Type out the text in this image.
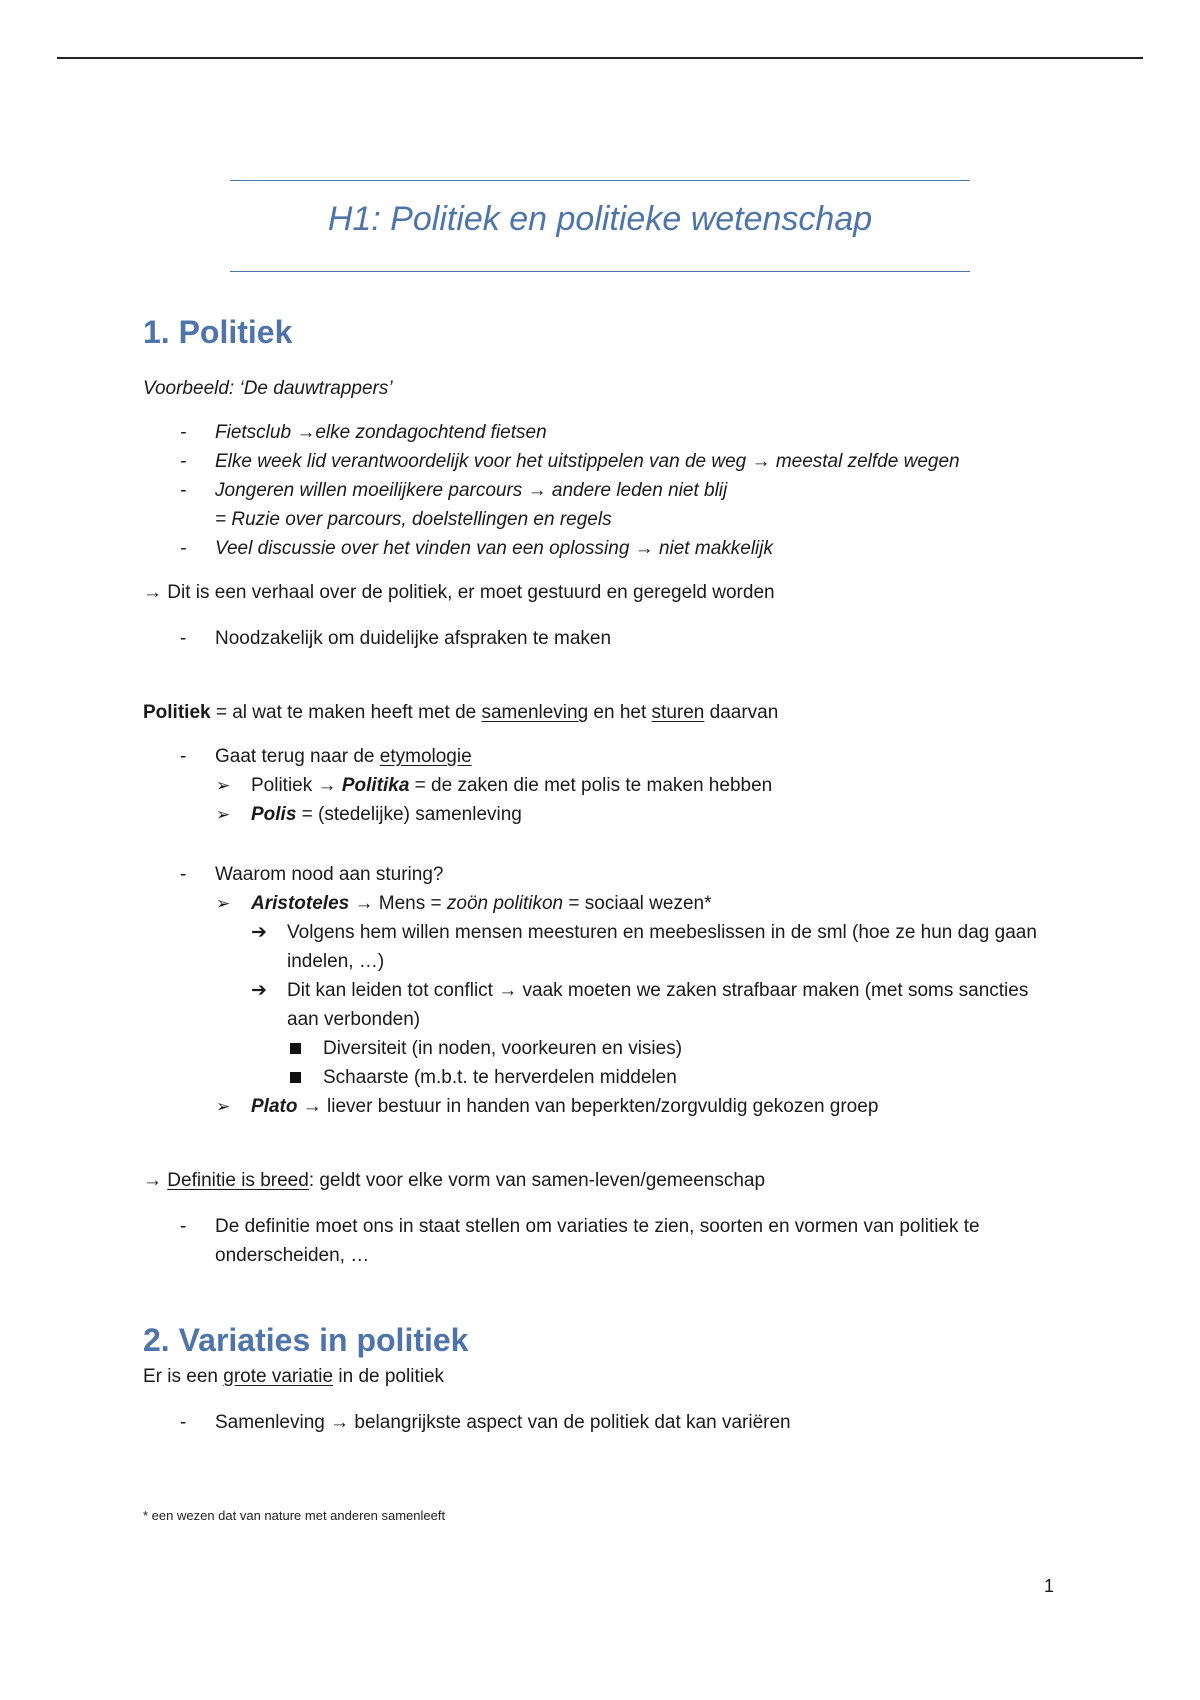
H1: Politiek en politieke wetenschap
1. Politiek

Voorbeeld: ‘De dauwtrappers’

- Fietsclub →elke zondagochtend fietsen
- Elke week lid verantwoordelijk voor het uitstippelen van de weg → meestal zelfde wegen
- Jongeren willen moeilijkere parcours → andere leden niet blij
= Ruzie over parcours, doelstellingen en regels
- Veel discussie over het vinden van een oplossing → niet makkelijk

→ Dit is een verhaal over de politiek, er moet gestuurd en geregeld worden

- Noodzakelijk om duidelijke afspraken te maken

Politiek = al wat te maken heeft met de samenleving en het sturen daarvan

- Gaat terug naar de etymologie
➢ Politiek → Politika = de zaken die met polis te maken hebben
➢ Polis = (stedelijke) samenleving
- Waarom nood aan sturing?
➢ Aristoteles → Mens = zoön politikon = sociaal wezen*
➔ Volgens hem willen mensen meesturen en meebeslissen in de sml (hoe ze hun dag gaan indelen, …)
➔ Dit kan leiden tot conflict → vaak moeten we zaken strafbaar maken (met soms sancties aan verbonden)
Diversiteit (in noden, voorkeuren en visies)
Schaarste (m.b.t. te herverdelen middelen
➢ Plato → liever bestuur in handen van beperkten/zorgvuldig gekozen groep

→ Definitie is breed: geldt voor elke vorm van samen-leven/gemeenschap

- De definitie moet ons in staat stellen om variaties te zien, soorten en vormen van politiek te onderscheiden, …
2. Variaties in politiek

Er is een grote variatie in de politiek

- Samenleving → belangrijkste aspect van de politiek dat kan variëren
* een wezen dat van nature met anderen samenleeft
1
